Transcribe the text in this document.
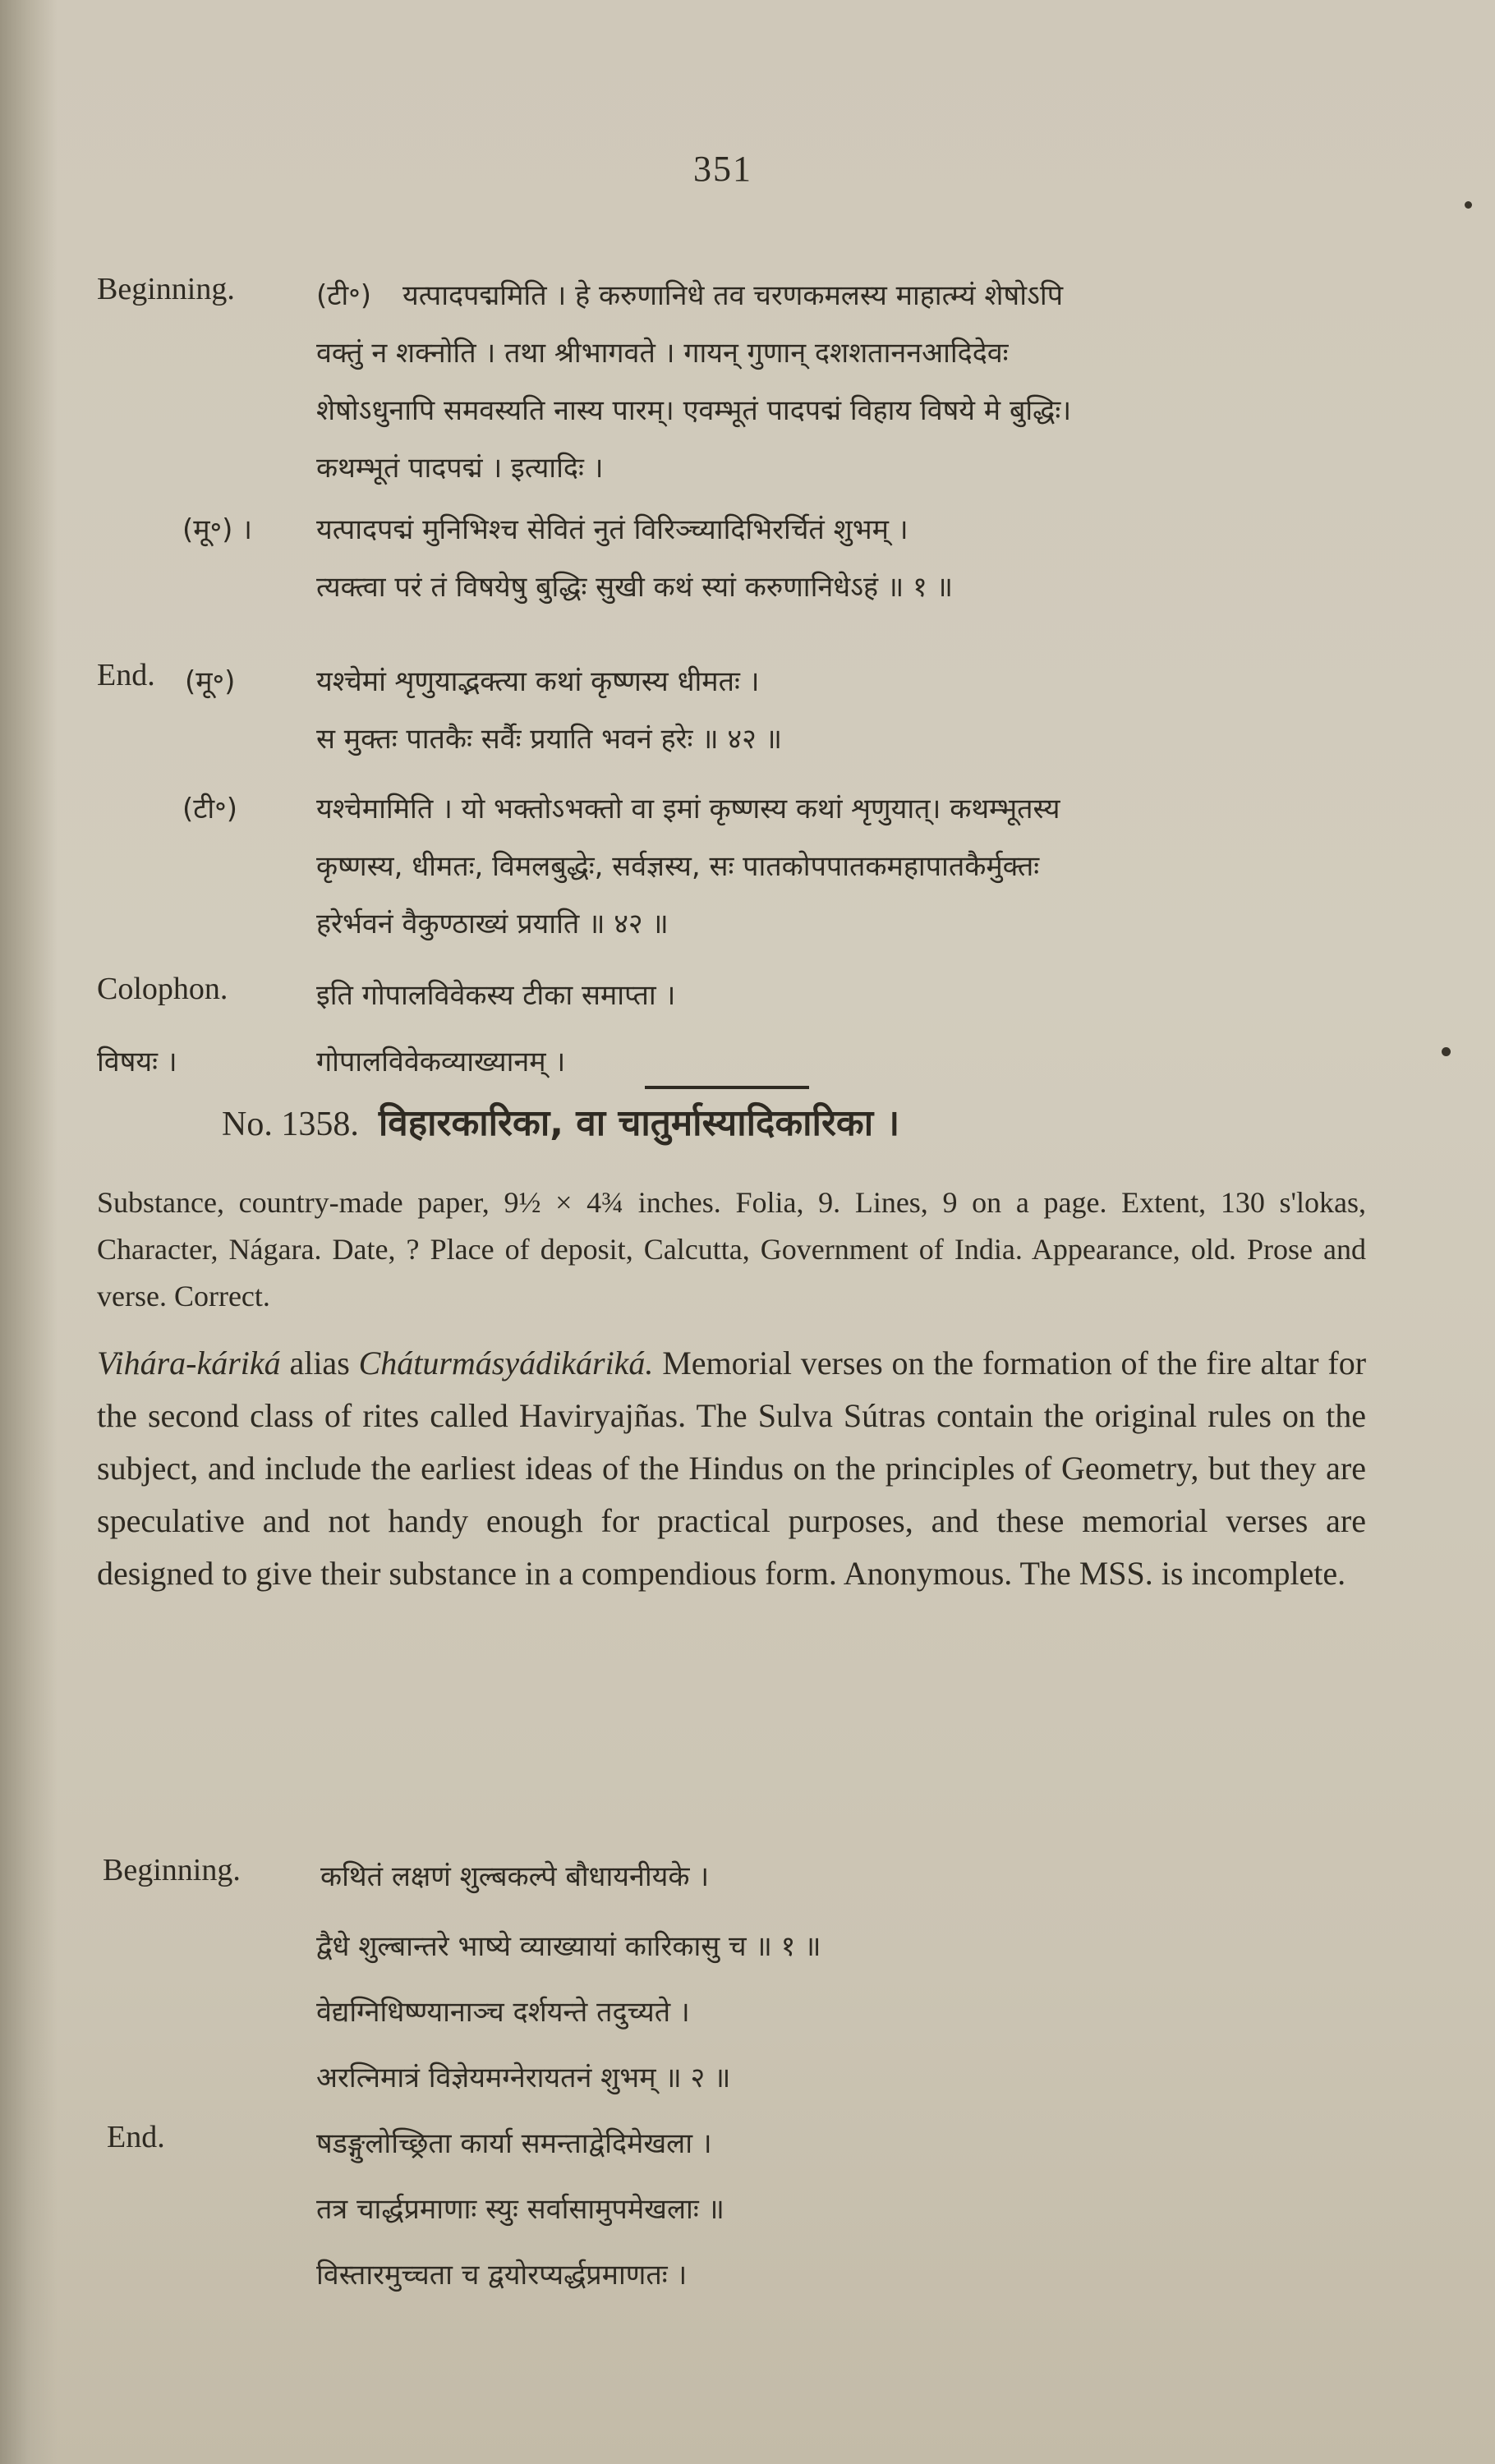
351
Beginning.	(टी॰) यत्पादपद्ममिति । हे करुणानिधे तव चरणकमलस्य माहात्म्यं शेषोऽपि
वक्तुं न शक्नोति । तथा श्रीभागवते । गायन् गुणान् दशशताननआदिदेवः
शेषोऽधुनापि समवस्यति नास्य पारम्। एवम्भूतं पादपद्मं विहाय विषये मे बुद्धिः।
कथम्भूतं पादपद्मं । इत्यादिः ।
(मू॰) । यत्पादपद्मं मुनिभिश्च सेवितं नुतं विरिञ्च्यादिभिरर्चितं शुभम् ।
त्यक्त्वा परं तं विषयेषु बुद्धिः सुखी कथं स्यां करुणानिधेऽहं ॥ १ ॥
End. (मू॰)	यश्चेमां शृणुयाद्भक्त्या कथां कृष्णस्य धीमतः ।
स मुक्तः पातकैः सर्वैः प्रयाति भवनं हरेः ॥ ४२ ॥
(टी॰)	यश्चेमामिति । यो भक्तोऽभक्तो वा इमां कृष्णस्य कथां शृणुयात्। कथम्भूतस्य
कृष्णस्य, धीमतः, विमलबुद्धेः, सर्वज्ञस्य, सः पातकोपपातकमहापातकैर्मुक्तः
हरेर्भवनं वैकुण्ठाख्यं प्रयाति ॥ ४२ ॥
Colophon.	इति गोपालविवेकस्य टीका समाप्ता ।
विषयः ।	गोपालविवेकव्याख्यानम् ।
No. 1358. विहारकारिका, वा चातुर्मास्यादिकारिका ।
Substance, country-made paper, 9½ × 4¾ inches. Folia, 9. Lines, 9 on a page. Extent, 130 s'lokas, Character, Nágara. Date, ? Place of deposit, Calcutta, Government of India. Appearance, old. Prose and verse. Correct.
Vihára-káriká alias Cháturmásyádikáriká. Memorial verses on the formation of the fire altar for the second class of rites called Haviryajñas. The Sulva Sútras contain the original rules on the subject, and include the earliest ideas of the Hindus on the principles of Geometry, but they are speculative and not handy enough for practical purposes, and these memorial verses are designed to give their substance in a compendious form. Anonymous. The MSS. is incomplete.
Beginning.	कथितं लक्षणं शुल्बकल्पे बौधायनीयके ।
द्वैधे शुल्बान्तरे भाष्ये व्याख्यायां कारिकासु च ॥ १ ॥
वेद्यग्निधिष्ण्यानाञ्च दर्शयन्ते तदुच्यते ।
अरत्निमात्रं विज्ञेयमग्नेरायतनं शुभम् ॥ २ ॥
End.	षडङ्गुलोच्छ्रिता कार्या समन्ताद्वेदिमेखला ।
तत्र चार्द्धप्रमाणाः स्युः सर्वासामुपमेखलाः ॥
विस्तारमुच्चता च द्वयोरप्यर्द्धप्रमाणतः ।
